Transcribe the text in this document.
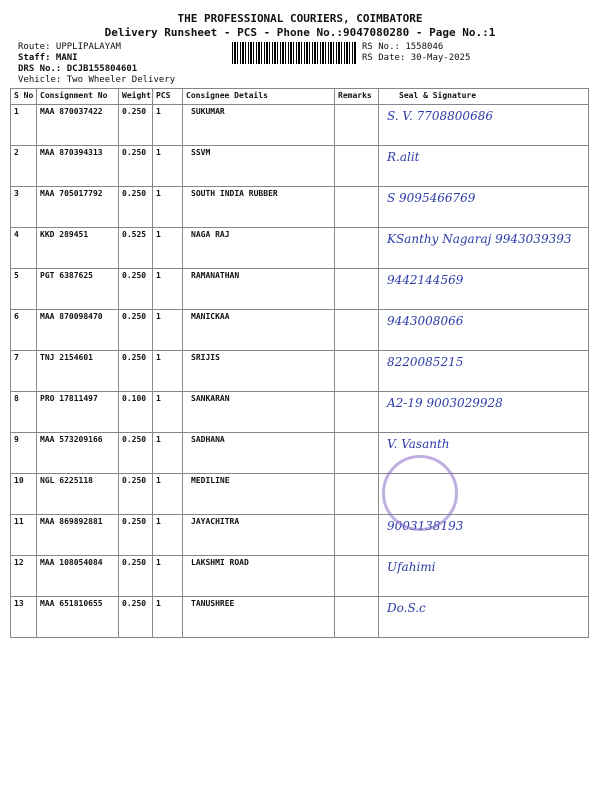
THE PROFESSIONAL COURIERS, COIMBATORE
Delivery Runsheet - PCS - Phone No.:9047080280 - Page No.:1
Route: UPPLIPALAYAM
Staff: MANI
DRS No.: DCJB155804601
Vehicle: Two Wheeler Delivery
RS No.: 1558046
RS Date: 30-May-2025
S No	Consignment No	Weight	PCS	Consignee Details	Remarks	Seal & Signature
1	MAA 870037422	0.250	1	SUKUMAR		S. V. 7708800686

2	MAA 870394313	0.250	1	SSVM		R.alit

3	MAA 705017792	0.250	1	SOUTH INDIA RUBBER		S 9095466769

4	KKD 289451	0.525	1	NAGA RAJ		KSanthy Nagaraj 9943039393

5	PGT 6387625	0.250	1	RAMANATHAN		9442144569

6	MAA 870098470	0.250	1	MANICKAA		9443008066

7	TNJ 2154601	0.250	1	SRIJIS		8220085215

8	PRO 17811497	0.100	1	SANKARAN		A2-19 9003029928

9	MAA 573209166	0.250	1	SADHANA		V. Vasanth

10	NGL 6225118	0.250	1	MEDILINE		

11	MAA 869892881	0.250	1	JAYACHITRA		9003138193

12	MAA 108054084	0.250	1	LAKSHMI ROAD		Ufahimi

13	MAA 651810655	0.250	1	TANUSHREE		Do.S.c
